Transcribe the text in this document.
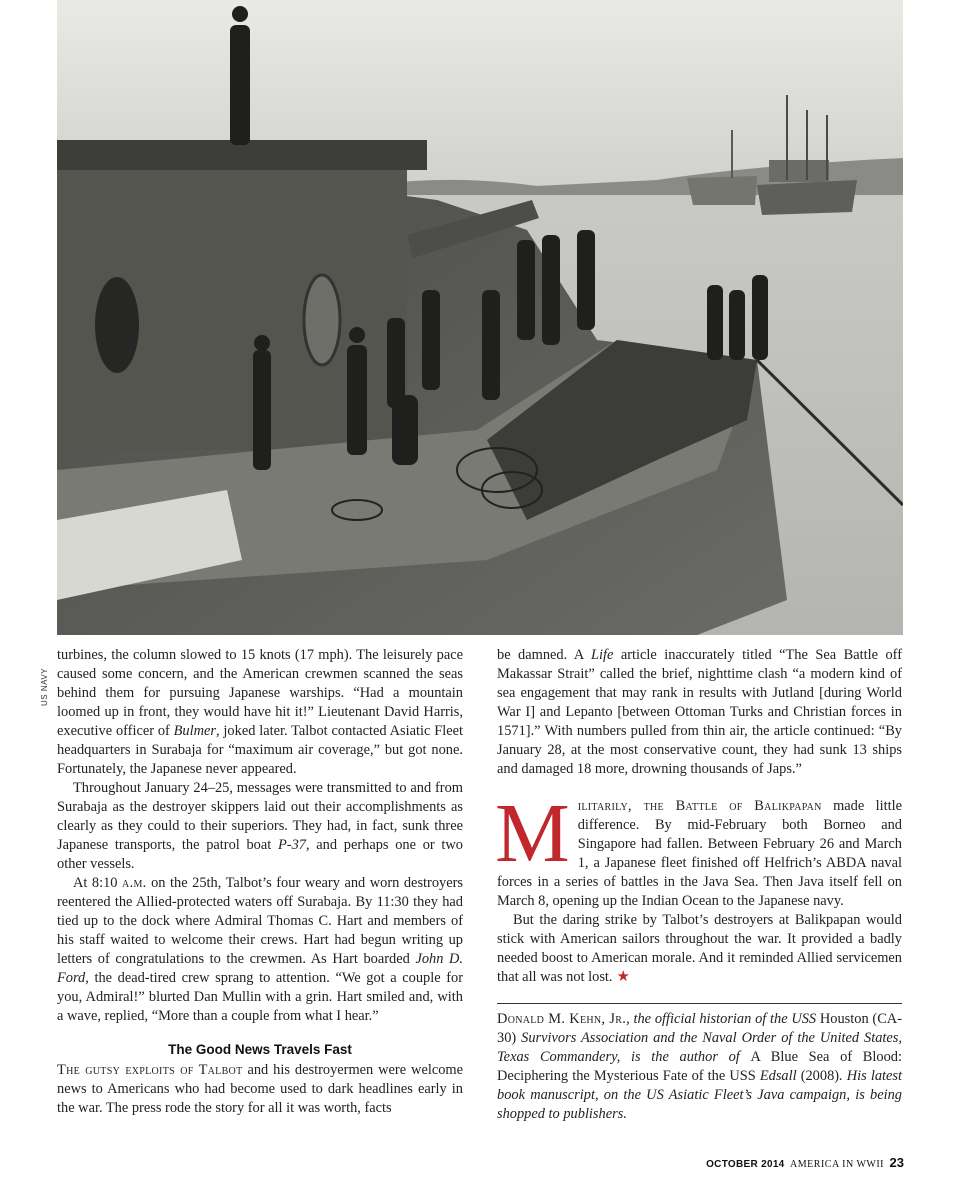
US NAVY

turbines, the column slowed to 15 knots (17 mph). The leisurely pace caused some concern, and the American crewmen scanned the seas behind them for pursuing Japanese warships. “Had a mountain loomed up in front, they would have hit it!” Lieutenant David Harris, executive officer of Bulmer, joked later. Talbot contacted Asiatic Fleet headquarters in Surabaja for “maximum air coverage,” but got none. Fortunately, the Japanese never appeared.

Throughout January 24–25, messages were transmitted to and from Surabaja as the destroyer skippers laid out their accomplishments as clearly as they could to their superiors. They had, in fact, sunk three Japanese transports, the patrol boat P-37, and perhaps one or two other vessels.

At 8:10 a.m. on the 25th, Talbot’s four weary and worn destroyers reentered the Allied-protected waters off Surabaja. By 11:30 they had tied up to the dock where Admiral Thomas C. Hart and members of his staff waited to welcome their crews. Hart had begun writing up letters of congratulations to the crewmen. As Hart boarded John D. Ford, the dead-tired crew sprang to attention. “We got a couple for you, Admiral!” blurted Dan Mullin with a grin. Hart smiled and, with a wave, replied, “More than a couple from what I hear.”

The Good News Travels Fast

The gutsy exploits of Talbot and his destroyermen were welcome news to Americans who had become used to dark headlines early in the war. The press rode the story for all it was worth, facts

be damned. A Life article inaccurately titled “The Sea Battle off Makassar Strait” called the brief, nighttime clash “a modern kind of sea engagement that may rank in results with Jutland [during World War I] and Lepanto [between Ottoman Turks and Christian forces in 1571].” With numbers pulled from thin air, the article continued: “By January 28, at the most conservative count, they had sunk 13 ships and damaged 18 more, drowning thousands of Japs.”

Militarily, the Battle of Balikpapan made little difference. By mid-February both Borneo and Singapore had fallen. Between February 26 and March 1, a Japanese fleet finished off Helfrich’s ABDA naval forces in a series of battles in the Java Sea. Then Java itself fell on March 8, opening up the Indian Ocean to the Japanese navy.

But the daring strike by Talbot’s destroyers at Balikpapan would stick with American sailors throughout the war. It provided a badly needed boost to American morale. And it reminded Allied servicemen that all was not lost. ★

Donald M. Kehn, Jr., the official historian of the USS Houston (CA-30) Survivors Association and the Naval Order of the United States, Texas Commandery, is the author of A Blue Sea of Blood: Deciphering the Mysterious Fate of the USS Edsall (2008). His latest book manuscript, on the US Asiatic Fleet’s Java campaign, is being shopped to publishers.

OCTOBER 2014 AMERICA IN WWII 23
